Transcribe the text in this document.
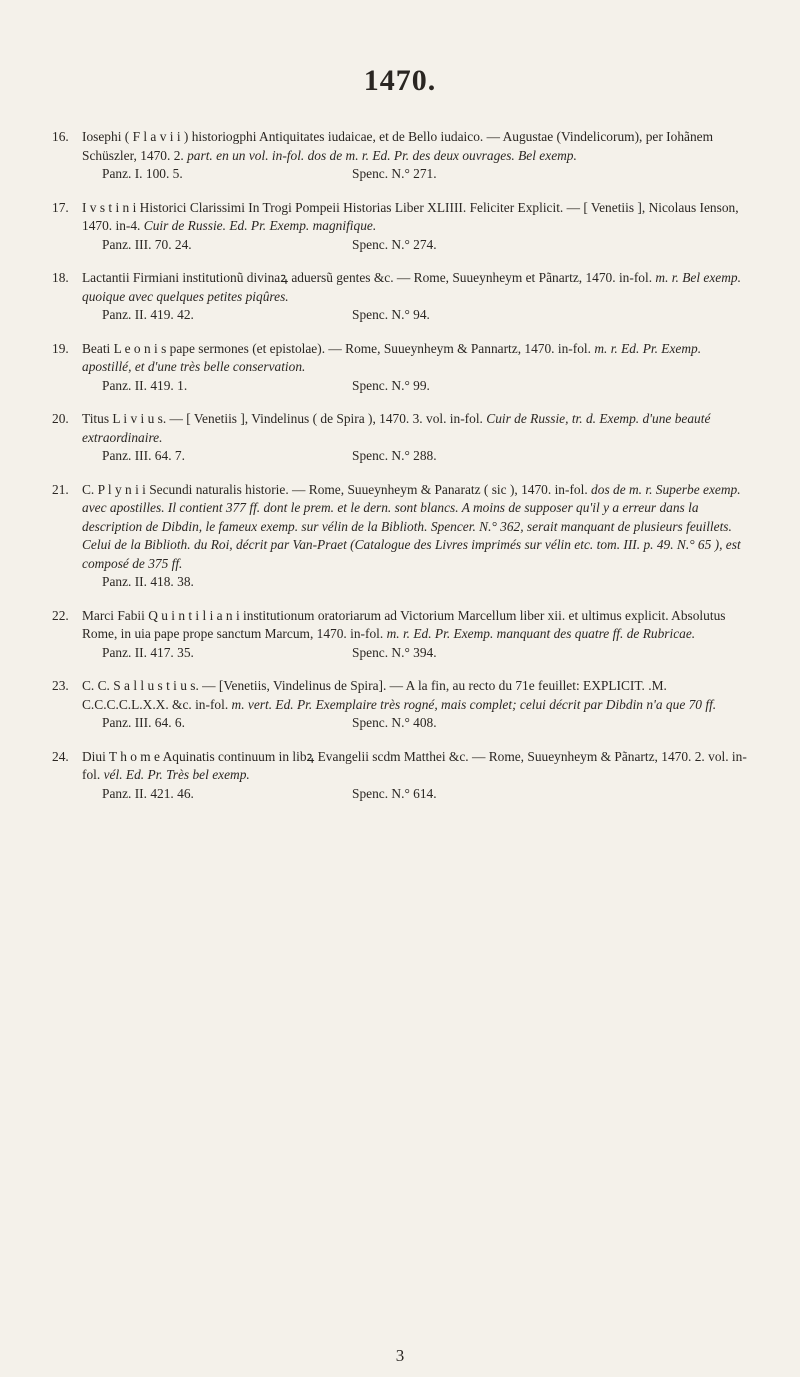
1470.
16. Iosephi ( F l a v i i ) historiogphi Antiquitates iudaicae, et de Bello iudaico. — Augustae (Vindelicorum), per Iohãnem Schüszler, 1470. 2. part. en un vol. in-fol. dos de m. r. Ed. Pr. des deux ouvrages. Bel exemp.
Panz. I. 100. 5.	Spenc. N.° 271.
17. I v s t i n i Historici Clarissimi In Trogi Pompeii Historias Liber XLIIII. Feliciter Explicit. — [ Venetiis ], Nicolaus Ienson, 1470. in-4. Cuir de Russie. Ed. Pr. Exemp. magnifique.
Panz. III. 70. 24.	Spenc. N.° 274.
18. Lactantii Firmiani institutionũ divinaꝝ aduersũ gentes &c. — Rome, Suueynheym et Pãnartz, 1470. in-fol. m. r. Bel exemp. quoique avec quelques petites piqûres.
Panz. II. 419. 42.	Spenc. N.° 94.
19. Beati L e o n i s pape sermones (et epistolae). — Rome, Suueynheym & Pannartz, 1470. in-fol. m. r. Ed. Pr. Exemp. apostillé, et d'une très belle conservation.
Panz. II. 419. 1.	Spenc. N.° 99.
20. Titus L i v i u s. — [ Venetiis ], Vindelinus ( de Spira ), 1470. 3. vol. in-fol. Cuir de Russie, tr. d. Exemp. d'une beauté extraordinaire.
Panz. III. 64. 7.	Spenc. N.° 288.
21. C. P l y n i i Secundi naturalis historie. — Rome, Suueynheym & Panaratz ( sic ), 1470. in-fol. dos de m. r. Superbe exemp. avec apostilles. Il contient 377 ff. dont le prem. et le dern. sont blancs. A moins de supposer qu'il y a erreur dans la description de Dibdin, le fameux exemp. sur vélin de la Biblioth. Spencer. N.° 362, serait manquant de plusieurs feuillets. Celui de la Biblioth. du Roi, décrit par Van-Praet (Catalogue des Livres imprimés sur vélin etc. tom. III. p. 49. N.° 65 ), est composé de 375 ff.
Panz. II. 418. 38.
22. Marci Fabii Q u i n t i l i a n i institutionum oratoriarum ad Victorium Marcellum liber xii. et ultimus explicit. Absolutus Rome, in uia pape prope sanctum Marcum, 1470. in-fol. m. r. Ed. Pr. Exemp. manquant des quatre ff. de Rubricae.
Panz. II. 417. 35.	Spenc. N.° 394.
23. C. C. S a l l u s t i u s. — [Venetiis, Vindelinus de Spira]. — A la fin, au recto du 71e feuillet: EXPLICIT. .M. C.C.C.C.L.X.X. &c. in-fol. m. vert. Ed. Pr. Exemplaire très rogné, mais complet; celui décrit par Dibdin n'a que 70 ff.
Panz. III. 64. 6.	Spenc. N.° 408.
24. Diui T h o m e Aquinatis continuum in libꝝ Evangelii scdm Matthei &c. — Rome, Suueynheym & Pãnartz, 1470. 2. vol. in-fol. vél. Ed. Pr. Très bel exemp.
Panz. II. 421. 46.	Spenc. N.° 614.
3
